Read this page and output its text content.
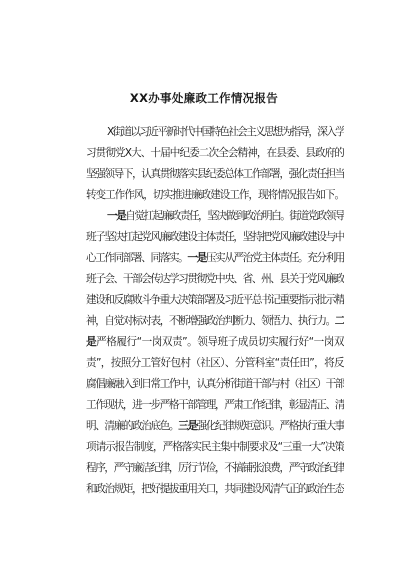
XX办事处廉政工作情况报告
X街道以习近平新时代中国特色社会主义思想为指导，深入学
习贯彻党X大、十届中纪委二次全会精神，在县委、县政府的
坚强领导下，认真贯彻落实县纪委总体工作部署，强化责任担当
转变工作作风，切实推进廉政建设工作，现将情况报告如下。
一是自觉扛起廉政责任，坚决做到政治明白。街道党政领导
班子坚决扛起党风廉政建设主体责任，坚持把党风廉政建设与中
心工作同部署、同落实。一是压实从严治党主体责任。充分利用
班子会、干部会传达学习贯彻党中央、省、州、县关于党风廉政
建设和反腐败斗争重大决策部署及习近平总书记重要指示批示精
神，自觉对标对表，不断增强政治判断力、领悟力、执行力。二
是严格履行“一岗双责”。领导班子成员切实履行好“一岗双
责”，按照分工管好包村（社区）、分管科室“责任田”，将反
腐倡廉融入到日常工作中，认真分析街道干部与村（社区）干部
工作现状，进一步严格干部管理，严肃工作纪律，彰显清正、清
明、清廉的政治底色。三是强化纪律规矩意识。严格执行重大事
项请示报告制度，严格落实民主集中制要求及“三重一大”决策
程序，严守廉洁纪律，厉行节俭，不搞铺张浪费，严守政治纪律
和政治规矩，把好提拔重用关口，共同建设风清气正的政治生态
